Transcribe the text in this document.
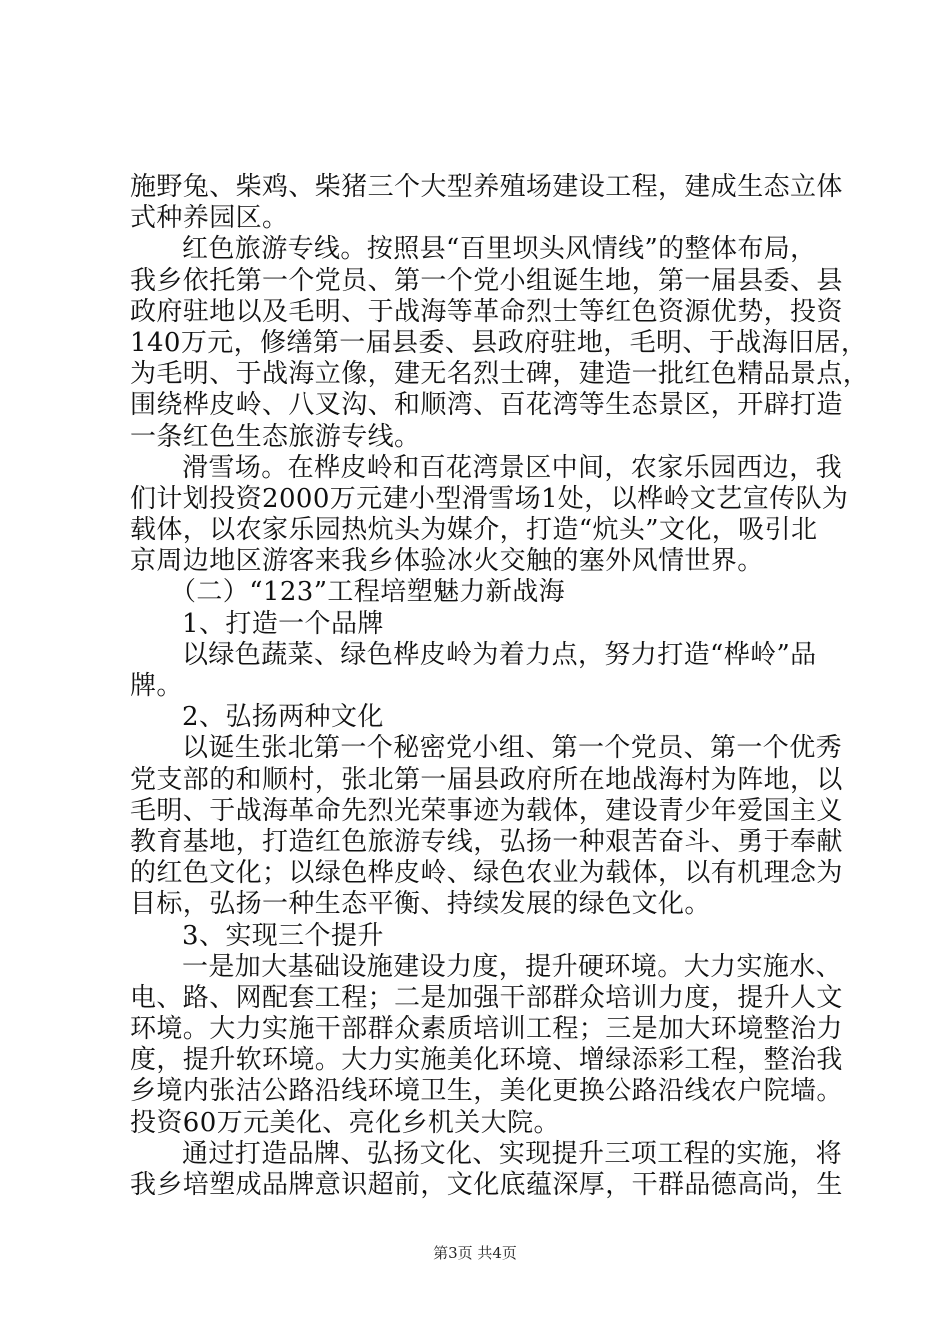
施野兔、柴鸡、柴猪三个大型养殖场建设工程，建成生态立体
式种养园区。
红色旅游专线。按照县“百里坝头风情线”的整体布局，
我乡依托第一个党员、第一个党小组诞生地，第一届县委、县
政府驻地以及毛明、于战海等革命烈士等红色资源优势，投资
140万元，修缮第一届县委、县政府驻地，毛明、于战海旧居，
为毛明、于战海立像，建无名烈士碑，建造一批红色精品景点，
围绕桦皮岭、八叉沟、和顺湾、百花湾等生态景区，开辟打造
一条红色生态旅游专线。
滑雪场。在桦皮岭和百花湾景区中间，农家乐园西边，我
们计划投资2000万元建小型滑雪场1处，以桦岭文艺宣传队为
载体，以农家乐园热炕头为媒介，打造“炕头”文化，吸引北
京周边地区游客来我乡体验冰火交触的塞外风情世界。
（二）“123”工程培塑魅力新战海
1、打造一个品牌
以绿色蔬菜、绿色桦皮岭为着力点，努力打造“桦岭”品
牌。
2、弘扬两种文化
以诞生张北第一个秘密党小组、第一个党员、第一个优秀
党支部的和顺村，张北第一届县政府所在地战海村为阵地，以
毛明、于战海革命先烈光荣事迹为载体，建设青少年爱国主义
教育基地，打造红色旅游专线，弘扬一种艰苦奋斗、勇于奉献
的红色文化；以绿色桦皮岭、绿色农业为载体，以有机理念为
目标，弘扬一种生态平衡、持续发展的绿色文化。
3、实现三个提升
一是加大基础设施建设力度，提升硬环境。大力实施水、
电、路、网配套工程；二是加强干部群众培训力度，提升人文
环境。大力实施干部群众素质培训工程；三是加大环境整治力
度，提升软环境。大力实施美化环境、增绿添彩工程，整治我
乡境内张沽公路沿线环境卫生，美化更换公路沿线农户院墙。
投资60万元美化、亮化乡机关大院。
通过打造品牌、弘扬文化、实现提升三项工程的实施，将
我乡培塑成品牌意识超前，文化底蕴深厚，干群品德高尚，生
第3页 共4页
